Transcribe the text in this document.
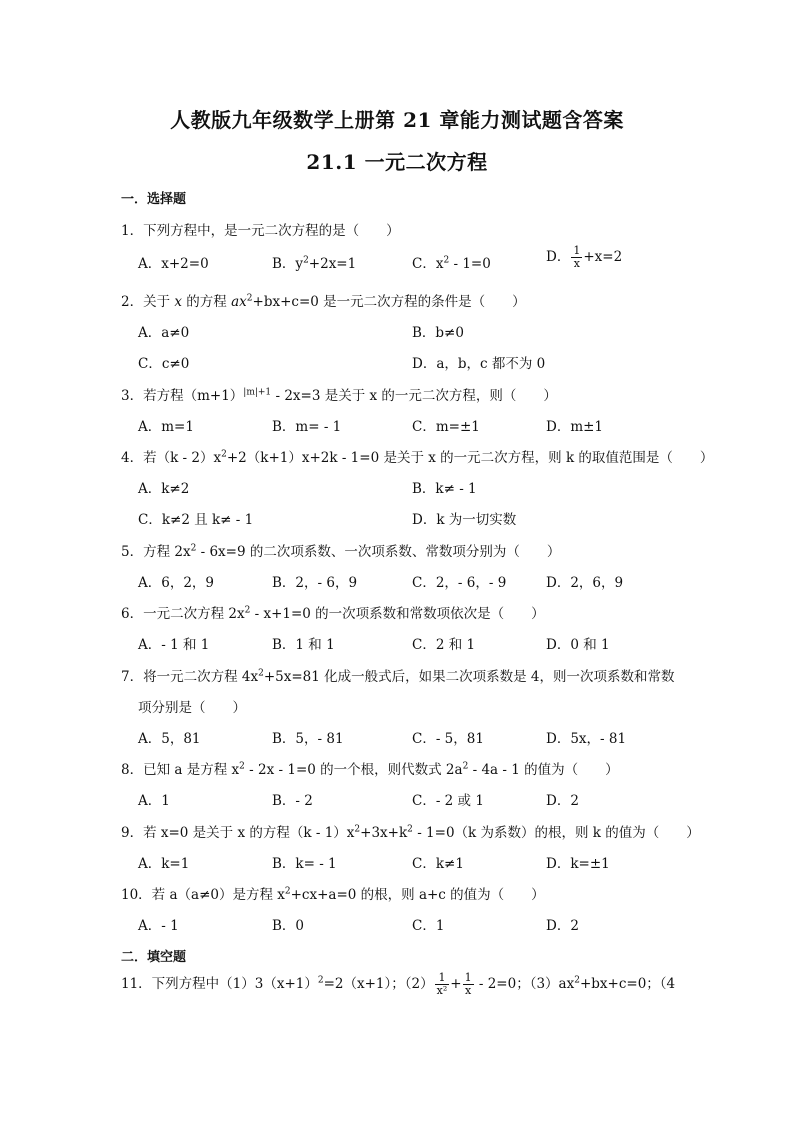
人教版九年级数学上册第 21 章能力测试题含答案
21.1 一元二次方程
一．选择题
1．下列方程中，是一元二次方程的是（　　）
A．x+2=0	B．$y^2+2x=1$	C．$x^2 - 1=0$	D． $\frac{1}{x} +x=2$
2．关于 x 的方程 $ax^2+bx+c=0$ 是一元二次方程的条件是（　　）
A．a≠0	B．b≠0
C．c≠0	D．a，b，c 都不为 0
3．若方程$(m+1)^{|m|+1} - 2x=3$ 是关于 x 的一元二次方程，则（　　）
A．m=1	B．m= - 1	C．m=±1	D．m±1
4．若$(k - 2)x^2+2(k+1)x+2k - 1=0$ 是关于 x 的一元二次方程，则 k 的取值范围是（　　）
A．k≠2	B．k≠ - 1
C．k≠2 且 k≠ - 1	D．k 为一切实数
5．方程 $2x^2 - 6x=9$ 的二次项系数、一次项系数、常数项分别为（　　）
A．6，2，9	B．2，- 6，9	C．2，- 6，- 9	D．2，6，9
6．一元二次方程 $2x^2 - x+1=0$ 的一次项系数和常数项依次是（　　）
A．- 1 和 1	B．1 和 1	C．2 和 1	D．0 和 1
7．将一元二次方程 $4x^2+5x=81$ 化成一般式后，如果二次项系数是 4，则一次项系数和常数
项分别是（　　）
A．5，81	B．5，- 81	C．- 5，81	D．5x，- 81
8．已知 a 是方程 $x^2 - 2x - 1=0$ 的一个根，则代数式 $2a^2 - 4a - 1$ 的值为（　　）
A．1	B．- 2	C．- 2 或 1	D．2
9．若 x=0 是关于 x 的方程$(k - 1)x^2+3x+k^2 - 1=0(k$ 为系数）的根，则 k 的值为（　　）
A．k=1	B．k= - 1	C．k≠1	D．k=±1
10．若 a（a≠0）是方程 $x^2+cx+a=0$ 的根，则 a+c 的值为（　　）
A．- 1	B．0	C．1	D．2
二．填空题
11．下列方程中$(1)3(x+1)^2=2(x+1)$；$(2) \frac{1}{\text{x²}} + \frac{1}{x} - 2=0$；$(3)ax^2+bx+c=0$；（4
